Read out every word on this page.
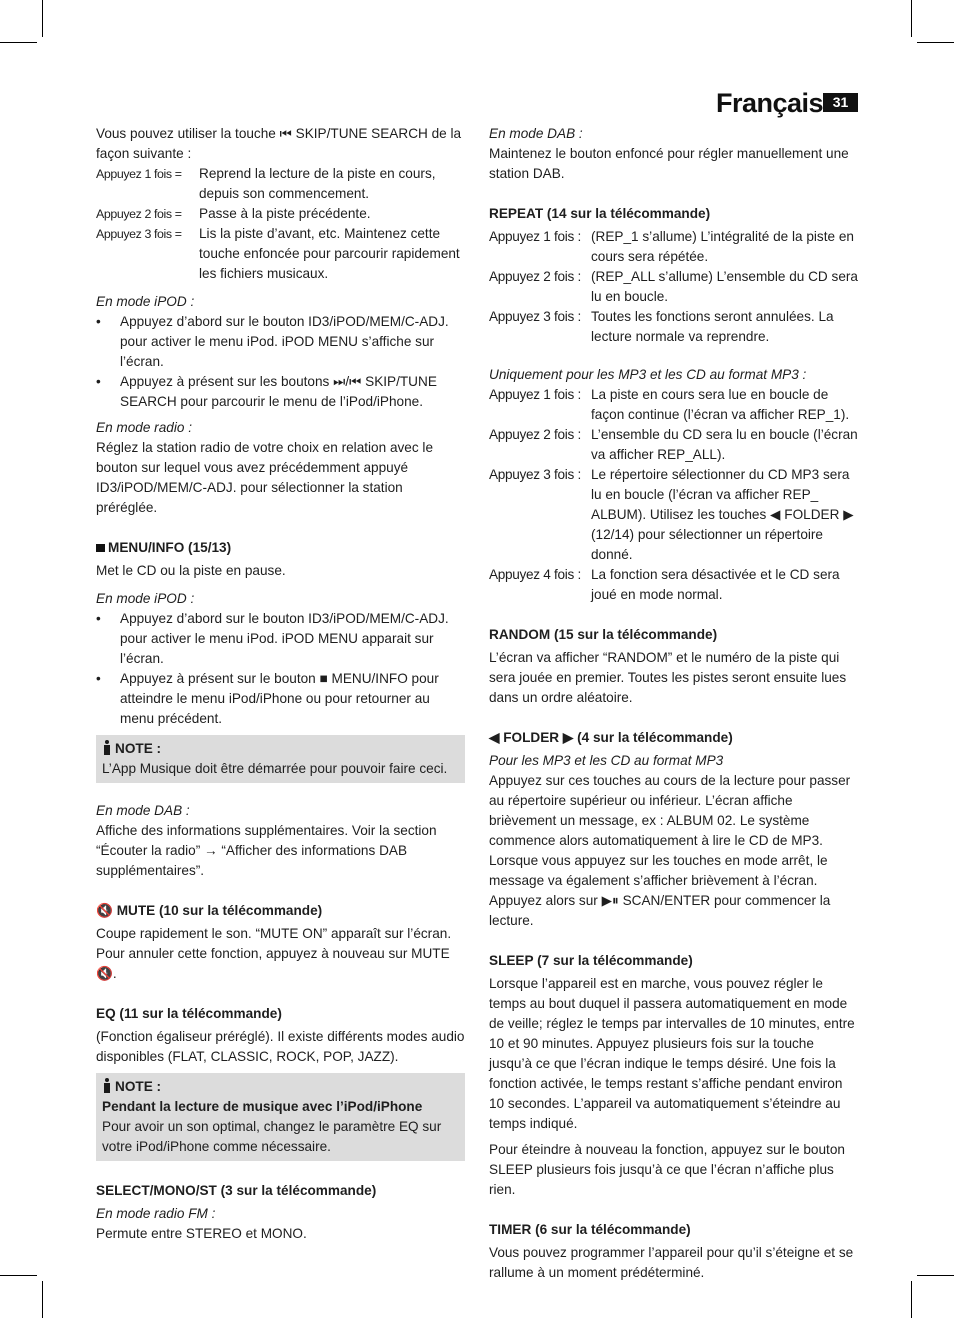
Français 31

Vous pouvez utiliser la touche ⏮ SKIP/TUNE SEARCH de la façon suivante :

Appuyez 1 fois =	Reprend la lecture de la piste en cours, depuis son commencement.
Appuyez 2 fois =	Passe à la piste précédente.
Appuyez 3 fois =	Lis la piste d’avant, etc. Maintenez cette touche enfoncée pour parcourir rapidement les fichiers musicaux.

En mode iPOD :

• Appuyez d’abord sur le bouton ID3/iPOD/MEM/C-ADJ. pour activer le menu iPod. iPOD MENU s’affiche sur l’écran.

• Appuyez à présent sur les boutons ⏭/⏮ SKIP/TUNE SEARCH pour parcourir le menu de l’iPod/iPhone.

En mode radio :

Réglez la station radio de votre choix en relation avec le bouton sur lequel vous avez précédemment appuyé ID3/iPOD/MEM/C-ADJ. pour sélectionner la station préréglée.

MENU/INFO (15/13)

Met le CD ou la piste en pause.

En mode iPOD :

• Appuyez d’abord sur le bouton ID3/iPOD/MEM/C-ADJ. pour activer le menu iPod. iPOD MENU apparait sur l’écran.

• Appuyez à présent sur le bouton ■ MENU/INFO pour atteindre le menu iPod/iPhone ou pour retourner au menu précédent.

NOTE :

L’App Musique doit être démarrée pour pouvoir faire ceci.

En mode DAB :

Affiche des informations supplémentaires. Voir la section “Écouter la radio” → “Afficher des informations DAB supplémentaires”.

🔇 MUTE (10 sur la télécommande)

Coupe rapidement le son. “MUTE ON” apparaît sur l’écran. Pour annuler cette fonction, appuyez à nouveau sur MUTE 🔇.

EQ (11 sur la télécommande)

(Fonction égaliseur préréglé). Il existe différents modes audio disponibles (FLAT, CLASSIC, ROCK, POP, JAZZ).

NOTE :

Pendant la lecture de musique avec l’iPod/iPhone

Pour avoir un son optimal, changez le paramètre EQ sur votre iPod/iPhone comme nécessaire.

SELECT/MONO/ST (3 sur la télécommande)

En mode radio FM :

Permute entre STEREO et MONO.

En mode DAB :

Maintenez le bouton enfoncé pour régler manuellement une station DAB.

REPEAT (14 sur la télécommande)

Appuyez 1 fois : (REP_1 s’allume) L’intégralité de la piste en cours sera répétée.
Appuyez 2 fois : (REP_ALL s’allume) L’ensemble du CD sera lu en boucle.
Appuyez 3 fois : Toutes les fonctions seront annulées. La lecture normale va reprendre.

Uniquement pour les MP3 et les CD au format MP3 :

Appuyez 1 fois : La piste en cours sera lue en boucle de façon continue (l’écran va afficher REP_1).
Appuyez 2 fois : L’ensemble du CD sera lu en boucle (l’écran va afficher REP_ALL).
Appuyez 3 fois : Le répertoire sélectionner du CD MP3 sera lu en boucle (l’écran va afficher REP_ ALBUM). Utilisez les touches ◀ FOLDER ▶ (12/14) pour sélectionner un répertoire donné.
Appuyez 4 fois : La fonction sera désactivée et le CD sera joué en mode normal.

RANDOM (15 sur la télécommande)

L’écran va afficher “RANDOM” et le numéro de la piste qui sera jouée en premier. Toutes les pistes seront ensuite lues dans un ordre aléatoire.

◀ FOLDER ▶ (4 sur la télécommande)

Pour les MP3 et les CD au format MP3

Appuyez sur ces touches au cours de la lecture pour passer au répertoire supérieur ou inférieur. L’écran affiche brièvement un message, ex : ALBUM 02. Le système commence alors automatiquement à lire le CD de MP3. Lorsque vous appuyez sur les touches en mode arrêt, le message va également s’afficher brièvement à l’écran. Appuyez alors sur ▶⏸ SCAN/ENTER pour commencer la lecture.

SLEEP (7 sur la télécommande)

Lorsque l’appareil est en marche, vous pouvez régler le temps au bout duquel il passera automatiquement en mode de veille; réglez le temps par intervalles de 10 minutes, entre 10 et 90 minutes. Appuyez plusieurs fois sur la touche jusqu’à ce que l’écran indique le temps désiré. Une fois la fonction activée, le temps restant s’affiche pendant environ 10 secondes. L’appareil va automatiquement s’éteindre au temps indiqué.

Pour éteindre à nouveau la fonction, appuyez sur le bouton SLEEP plusieurs fois jusqu’à ce que l’écran n’affiche plus rien.

TIMER (6 sur la télécommande)

Vous pouvez programmer l’appareil pour qu’il s’éteigne et se rallume à un moment prédéterminé.
